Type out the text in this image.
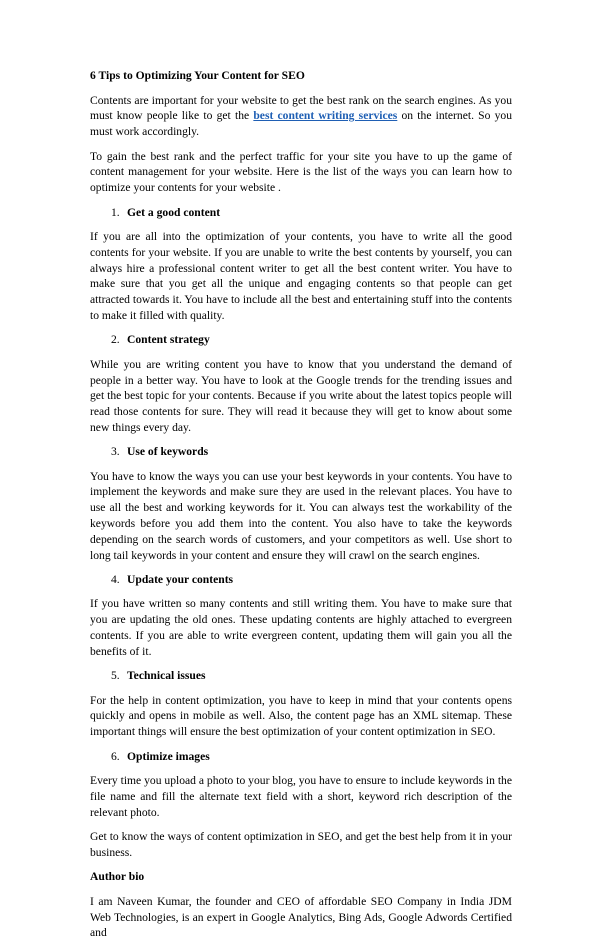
6 Tips to Optimizing Your Content for SEO

Contents are important for your website to get the best rank on the search engines. As you must know people like to get the best content writing services on the internet. So you must work accordingly.

To gain the best rank and the perfect traffic for your site you have to up the game of content management for your website. Here is the list of the ways you can learn how to optimize your contents for your website .

1. Get a good content

If you are all into the optimization of your contents, you have to write all the good contents for your website. If you are unable to write the best contents by yourself, you can always hire a professional content writer to get all the best content writer. You have to make sure that you get all the unique and engaging contents so that people can get attracted towards it. You have to include all the best and entertaining stuff into the contents to make it filled with quality.

2. Content strategy

While you are writing content you have to know that you understand the demand of people in a better way. You have to look at the Google trends for the trending issues and get the best topic for your contents. Because if you write about the latest topics people will read those contents for sure. They will read it because they will get to know about some new things every day.

3. Use of keywords

You have to know the ways you can use your best keywords in your contents. You have to implement the keywords and make sure they are used in the relevant places. You have to use all the best and working keywords for it. You can always test the workability of the keywords before you add them into the content. You also have to take the keywords depending on the search words of customers, and your competitors as well. Use short to long tail keywords in your content and ensure they will crawl on the search engines.

4. Update your contents

If you have written so many contents and still writing them. You have to make sure that you are updating the old ones. These updating contents are highly attached to evergreen contents. If you are able to write evergreen content, updating them will gain you all the benefits of it.

5. Technical issues

For the help in content optimization, you have to keep in mind that your contents opens quickly and opens in mobile as well. Also, the content page has an XML sitemap. These important things will ensure the best optimization of your content optimization in SEO.

6. Optimize images

Every time you upload a photo to your blog, you have to ensure to include keywords in the file name and fill the alternate text field with a short, keyword rich description of the relevant photo.

Get to know the ways of content optimization in SEO, and get the best help from it in your business.

Author bio

I am Naveen Kumar, the founder and CEO of affordable SEO Company in India JDM Web Technologies, is an expert in Google Analytics, Bing Ads, Google Adwords Certified and
